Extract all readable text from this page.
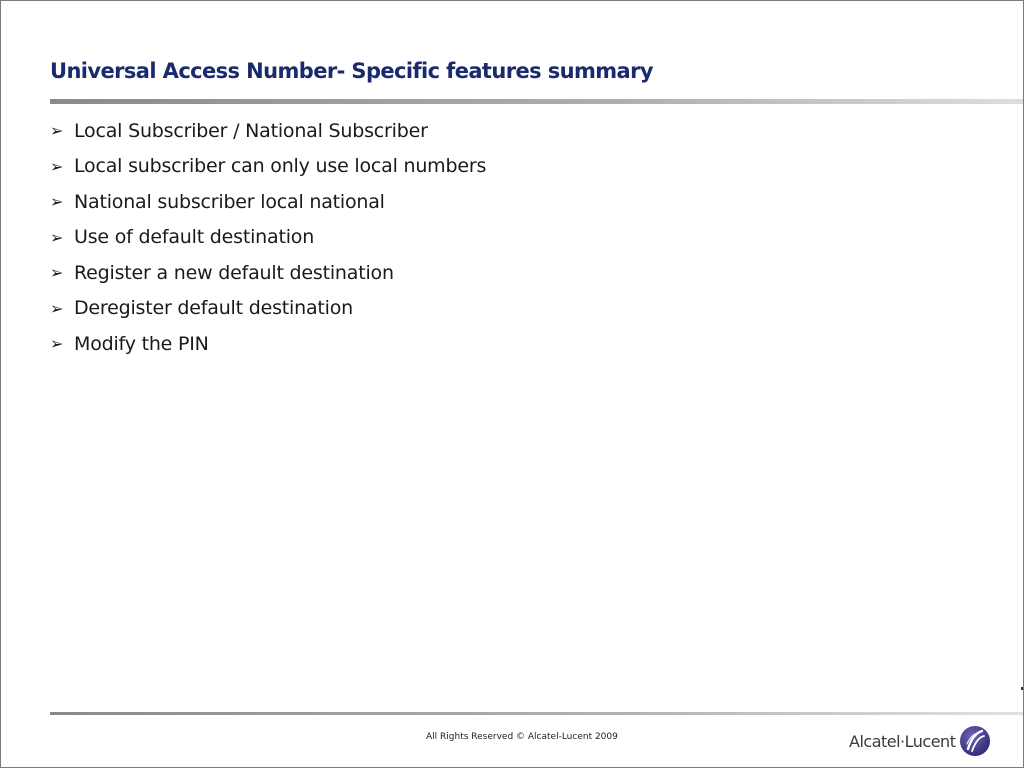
Universal Access Number- Specific features summary
➢ Local Subscriber / National Subscriber
➢ Local subscriber can only use local numbers
➢ National subscriber local national
➢ Use of default destination
➢ Register a new default destination
➢ Deregister default destination
➢ Modify the PIN
All Rights Reserved © Alcatel-Lucent 2009	Alcatel·Lucent
